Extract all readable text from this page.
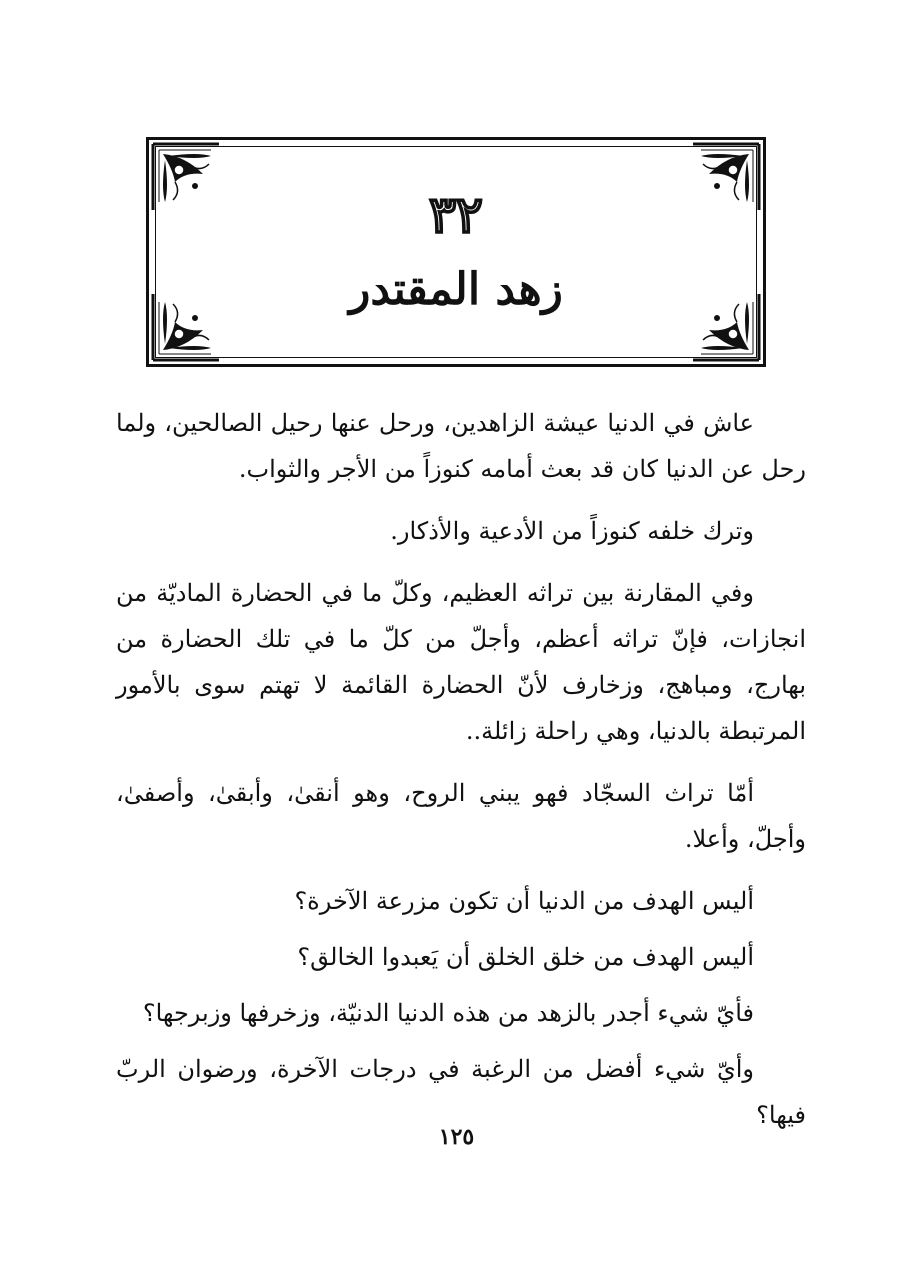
٣٢
زهد المقتدر

عاش في الدنيا عيشة الزاهدين، ورحل عنها رحيل الصالحين، ولما رحل عن الدنيا كان قد بعث أمامه كنوزاً من الأجر والثواب.

وترك خلفه كنوزاً من الأدعية والأذكار.

وفي المقارنة بين تراثه العظيم، وكلّ ما في الحضارة الماديّة من انجازات، فإنّ تراثه أعظم، وأجلّ من كلّ ما في تلك الحضارة من بهارج، ومباهج، وزخارف لأنّ الحضارة القائمة لا تهتم سوى بالأمور المرتبطة بالدنيا، وهي راحلة زائلة..

أمّا تراث السجّاد فهو يبني الروح، وهو أنقىٰ، وأبقىٰ، وأصفىٰ، وأجلّ، وأعلا.

أليس الهدف من الدنيا أن تكون مزرعة الآخرة؟

أليس الهدف من خلق الخلق أن يَعبدوا الخالق؟

فأيّ شيء أجدر بالزهد من هذه الدنيا الدنيّة، وزخرفها وزبرجها؟

وأيّ شيء أفضل من الرغبة في درجات الآخرة، ورضوان الربّ فيها؟

١٢٥
